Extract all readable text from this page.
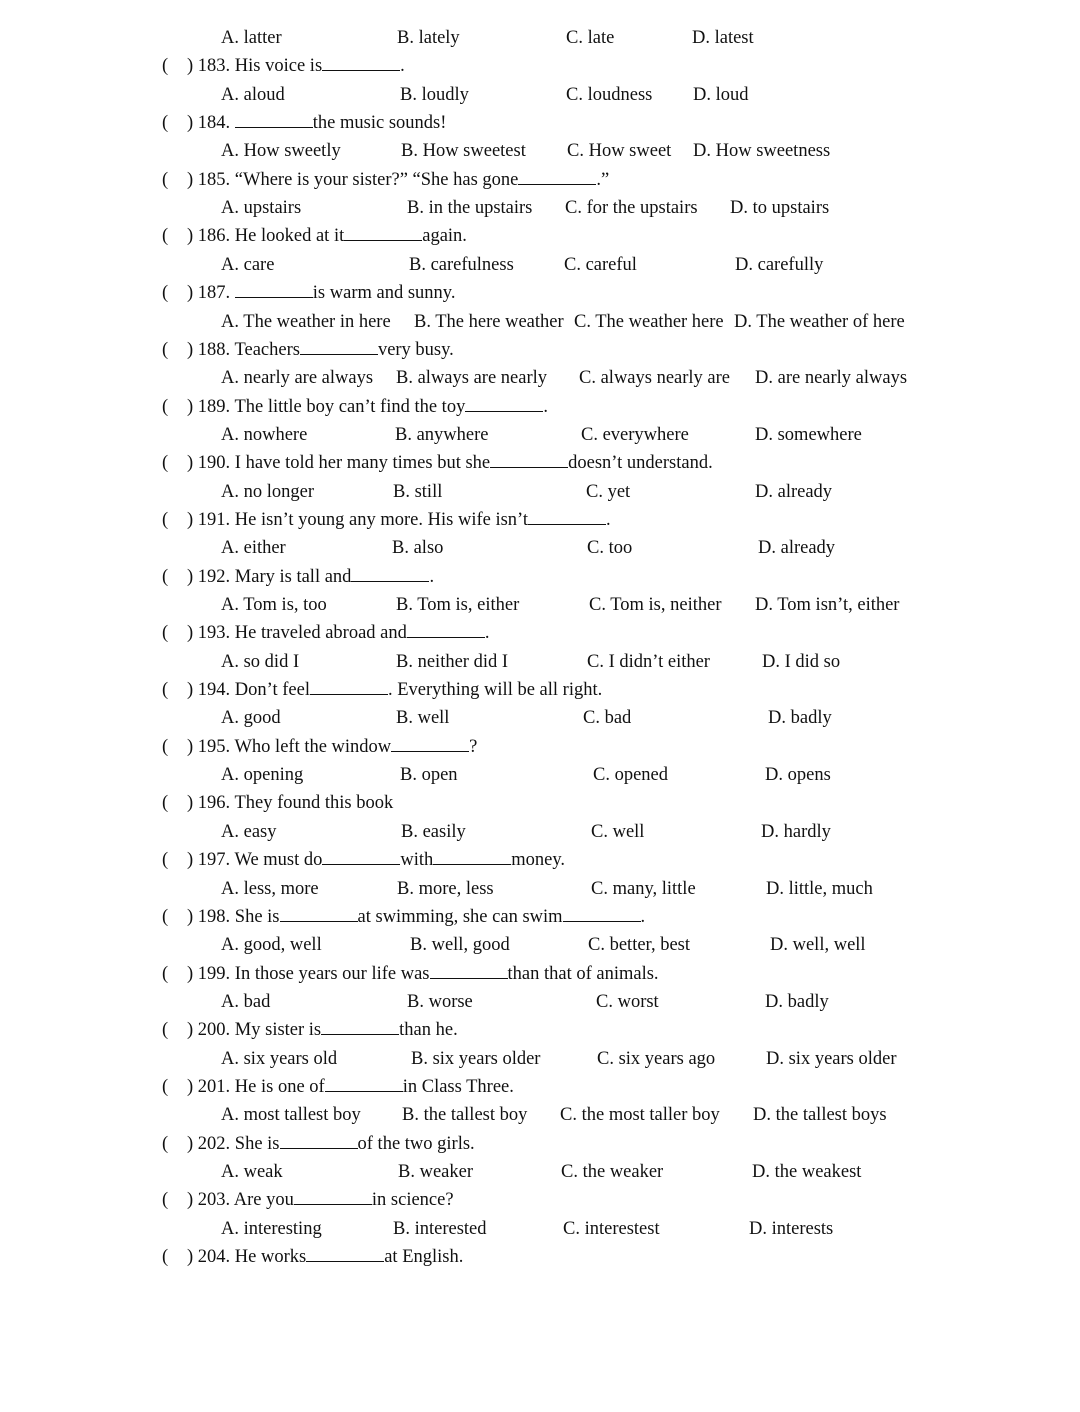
A. latter	B. lately	C. late	D. latest
( ) 183. His voice is	.
A. aloud	B. loudly	C. loudness D. loud
( ) 184.	the music sounds!
A. How sweetly	B. How sweetest C. How sweet D. How sweetness
( ) 185. “Where is your sister?” “She has gone	.”
A. upstairs	B. in the upstairs C. for the upstairs D. to upstairs
( ) 186. He looked at it	again.
A. care	B. carefulness	C. careful	D. carefully
( ) 187.	is warm and sunny.
A. The weather in here B. The here weather C. The weather here D. The weather of here
( ) 188. Teachers	very busy.
A. nearly are always B. always are nearly C. always nearly are D. are nearly always
( ) 189. The little boy can’t find the toy	.
A. nowhere	B. anywhere	C. everywhere	D. somewhere
( ) 190. I have told her many times but she	doesn’t understand.
A. no longer	B. still	C. yet	D. already
( ) 191. He isn’t young any more. His wife isn’t	.
A. either	B. also	C. too	D. already
( ) 192. Mary is tall and	.
A. Tom is, too	B. Tom is, either	C. Tom is, neither D. Tom isn’t, either
( ) 193. He traveled abroad and	.
A. so did I	B. neither did I	C. I didn’t either	D. I did so
( ) 194. Don’t feel	. Everything will be all right.
A. good	B. well	C. bad	D. badly
( ) 195. Who left the window	?
A. opening	B. open	C. opened	D. opens
( ) 196. They found this book
A. easy	B. easily	C. well	D. hardly
( ) 197. We must do	with	money.
A. less, more	B. more, less	C. many, little	D. little, much
( ) 198. She is	at swimming, she can swim	.
A. good, well	B. well, good	C. better, best	D. well, well
( ) 199. In those years our life was	than that of animals.
A. bad	B. worse	C. worst	D. badly
( ) 200. My sister is	than he.
A. six years old	B. six years older	C. six years ago	D. six years older
( ) 201. He is one of	in Class Three.
A. most tallest boy B. the tallest boy C. the most taller boy D. the tallest boys
( ) 202. She is	of the two girls.
A. weak	B. weaker	C. the weaker	D. the weakest
( ) 203. Are you	in science?
A. interesting	B. interested	C. interestest	D. interests
( ) 204. He works	at English.
